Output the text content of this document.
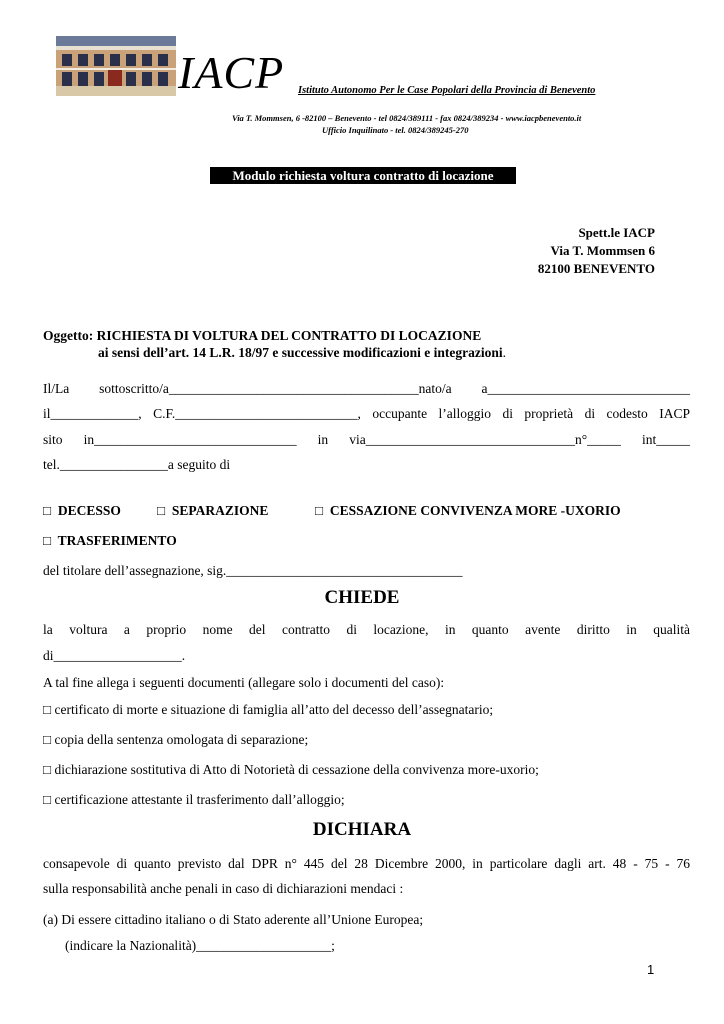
IACP Istituto Autonomo Per le Case Popolari della Provincia di Benevento
Via T. Mommsen, 6 -82100 – Benevento - tel 0824/389111 - fax 0824/389234 - www.iacpbenevento.it
Ufficio Inquilinato - tel. 0824/389245-270
Modulo richiesta voltura contratto di locazione
Spett.le IACP
Via T. Mommsen 6
82100 BENEVENTO
Oggetto: RICHIESTA DI VOLTURA DEL CONTRATTO DI LOCAZIONE
ai sensi dell’art. 14 L.R. 18/97 e successive modificazioni e integrazioni.
Il/La sottoscritto/a_____________________________________nato/a a______________________________
il_____________, C.F.___________________________, occupante l’alloggio di proprietà di codesto IACP
sito in______________________________ in via_______________________________n°_____ int_____
tel.________________a seguito di
□ DECESSO	□ SEPARAZIONE	□ CESSAZIONE CONVIVENZA MORE -UXORIO
□ TRASFERIMENTO
del titolare dell’assegnazione, sig.___________________________________
CHIEDE
la voltura a proprio nome del contratto di locazione, in quanto avente diritto in qualità
di___________________.
A tal fine allega i seguenti documenti (allegare solo i documenti del caso):
□ certificato di morte e situazione di famiglia all’atto del decesso dell’assegnatario;
□ copia della sentenza omologata di separazione;
□ dichiarazione sostitutiva di Atto di Notorietà di cessazione della convivenza more-uxorio;
□ certificazione attestante il trasferimento dall’alloggio;
DICHIARA
consapevole di quanto previsto dal DPR n° 445 del 28 Dicembre 2000, in particolare dagli art. 48 - 75 - 76
sulla responsabilità anche penali in caso di dichiarazioni mendaci :
(a) Di essere cittadino italiano o di Stato aderente all’Unione Europea;
(indicare la Nazionalità)____________________;
1
